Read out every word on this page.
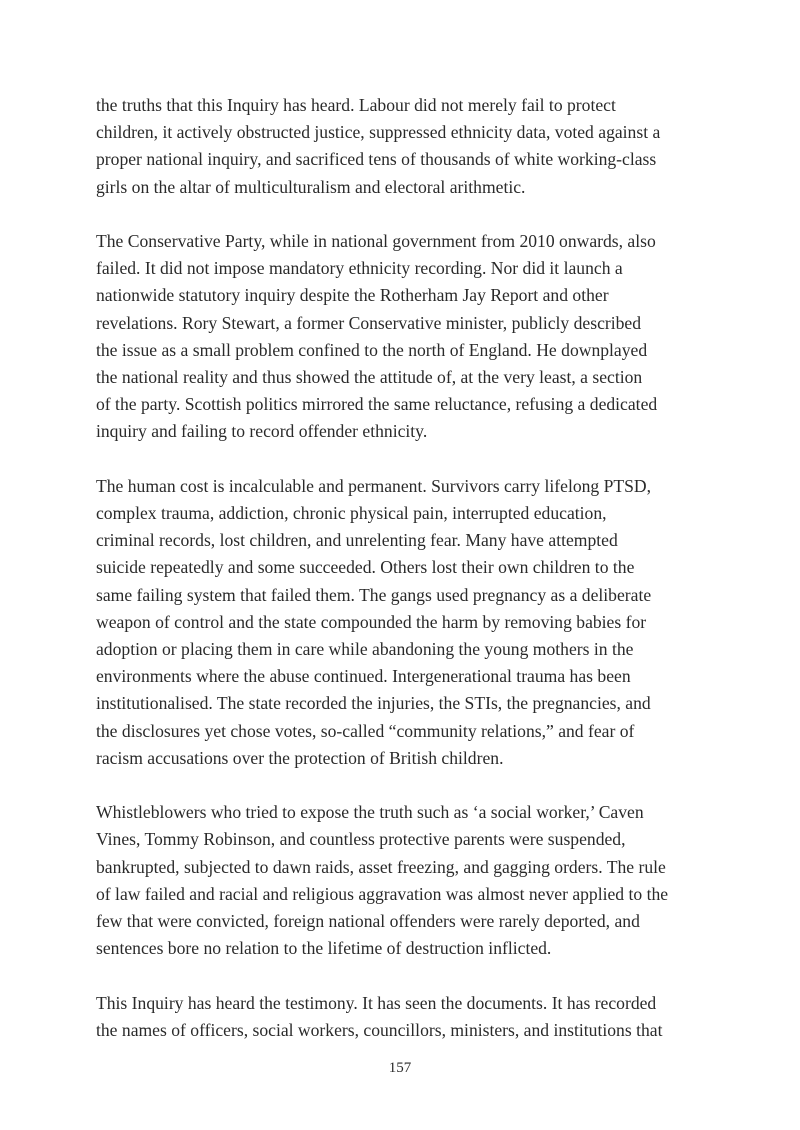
the truths that this Inquiry has heard. Labour did not merely fail to protect
children, it actively obstructed justice, suppressed ethnicity data, voted against a
proper national inquiry, and sacrificed tens of thousands of white working-class
girls on the altar of multiculturalism and electoral arithmetic.

The Conservative Party, while in national government from 2010 onwards, also
failed. It did not impose mandatory ethnicity recording. Nor did it launch a
nationwide statutory inquiry despite the Rotherham Jay Report and other
revelations. Rory Stewart, a former Conservative minister, publicly described
the issue as a small problem confined to the north of England. He downplayed
the national reality and thus showed the attitude of, at the very least, a section
of the party. Scottish politics mirrored the same reluctance, refusing a dedicated
inquiry and failing to record offender ethnicity.

The human cost is incalculable and permanent. Survivors carry lifelong PTSD,
complex trauma, addiction, chronic physical pain, interrupted education,
criminal records, lost children, and unrelenting fear. Many have attempted
suicide repeatedly and some succeeded. Others lost their own children to the
same failing system that failed them. The gangs used pregnancy as a deliberate
weapon of control and the state compounded the harm by removing babies for
adoption or placing them in care while abandoning the young mothers in the
environments where the abuse continued. Intergenerational trauma has been
institutionalised. The state recorded the injuries, the STIs, the pregnancies, and
the disclosures yet chose votes, so-called “community relations,” and fear of
racism accusations over the protection of British children.

Whistleblowers who tried to expose the truth such as ‘a social worker,’ Caven
Vines, Tommy Robinson, and countless protective parents were suspended,
bankrupted, subjected to dawn raids, asset freezing, and gagging orders. The rule
of law failed and racial and religious aggravation was almost never applied to the
few that were convicted, foreign national offenders were rarely deported, and
sentences bore no relation to the lifetime of destruction inflicted.

This Inquiry has heard the testimony. It has seen the documents. It has recorded
the names of officers, social workers, councillors, ministers, and institutions that

157
